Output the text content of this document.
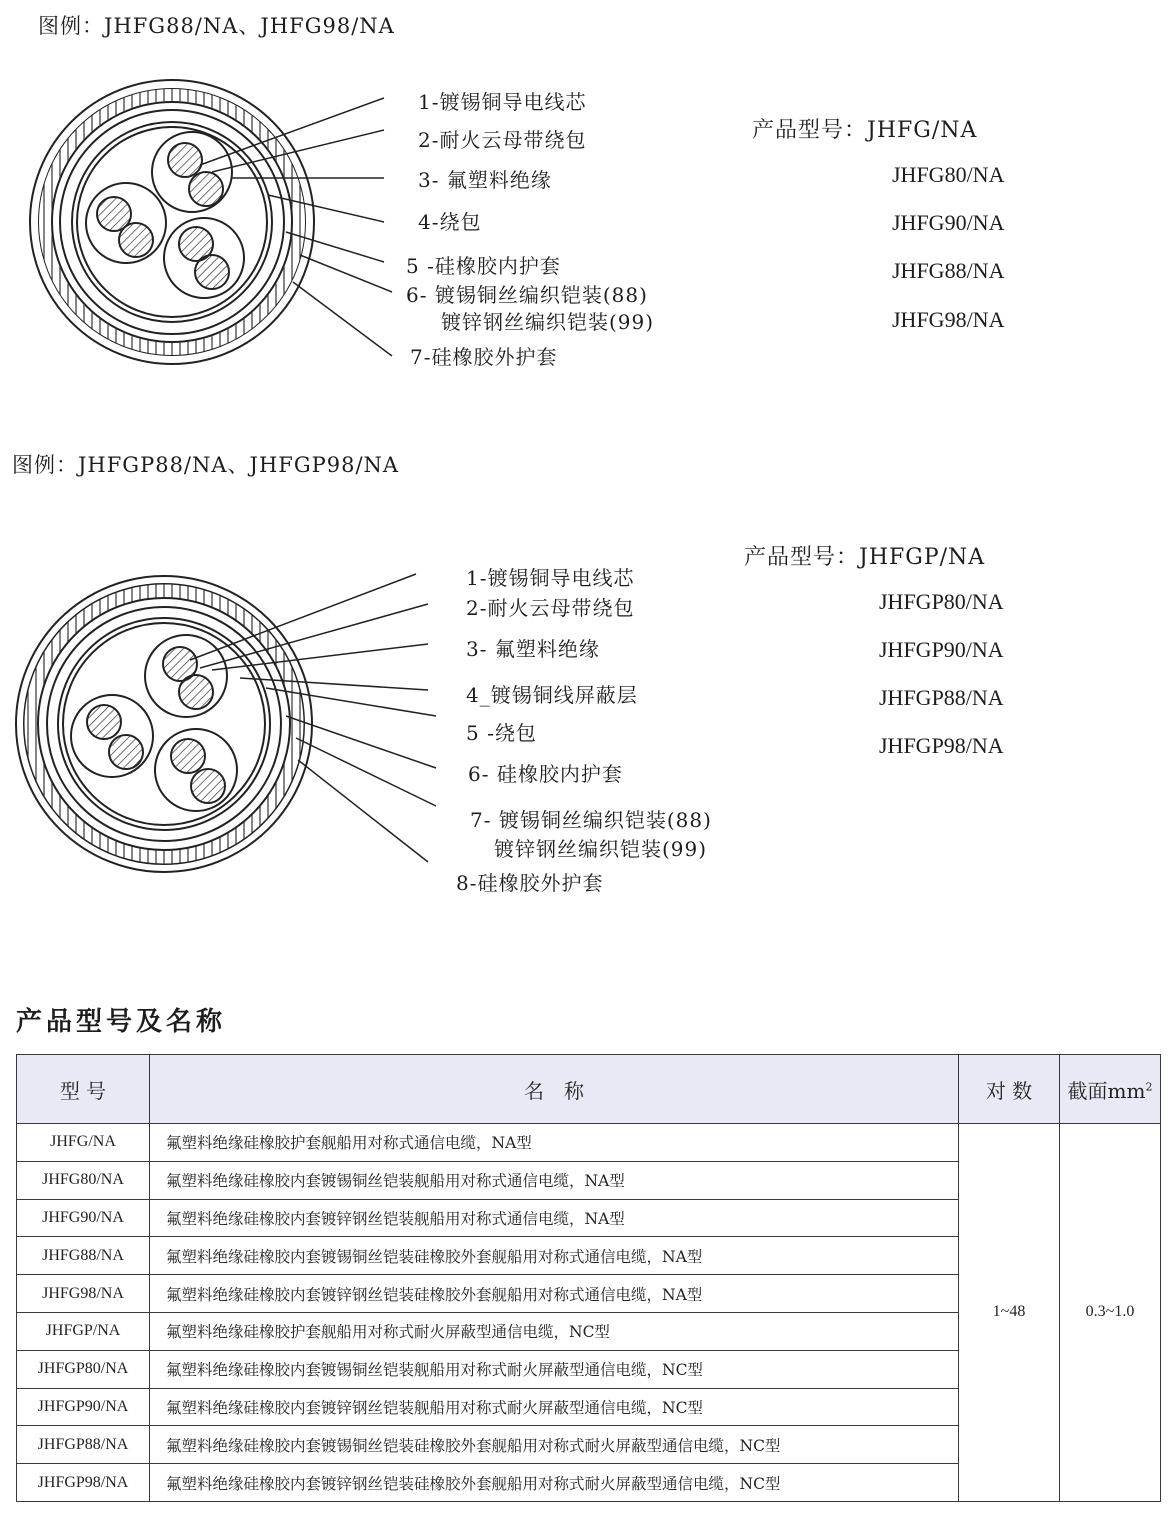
图例：JHFG88/NA、JHFG98/NA
1-镀锡铜导电线芯
2-耐火云母带绕包
3- 氟塑料绝缘
4-绕包
5 -硅橡胶内护套
6- 镀锡铜丝编织铠装(88)
镀锌钢丝编织铠装(99)
7-硅橡胶外护套
产品型号：JHFG/NA
JHFG80/NA
JHFG90/NA
JHFG88/NA
JHFG98/NA
图例：JHFGP88/NA、JHFGP98/NA
1-镀锡铜导电线芯
2-耐火云母带绕包
3- 氟塑料绝缘
4_镀锡铜线屏蔽层
5 -绕包
6- 硅橡胶内护套
7- 镀锡铜丝编织铠装(88)
镀锌钢丝编织铠装(99)
8-硅橡胶外护套
产品型号：JHFGP/NA
JHFGP80/NA
JHFGP90/NA
JHFGP88/NA
JHFGP98/NA
产品型号及名称
型 号	名　称	对 数	截面$mm^2$
JHFG/NA	氟塑料绝缘硅橡胶护套舰船用对称式通信电缆，NA型	1~48	0.3~1.0
JHFG80/NA	氟塑料绝缘硅橡胶内套镀锡铜丝铠装舰船用对称式通信电缆，NA型		
JHFG90/NA	氟塑料绝缘硅橡胶内套镀锌钢丝铠装舰船用对称式通信电缆，NA型		
JHFG88/NA	氟塑料绝缘硅橡胶内套镀锡铜丝铠装硅橡胶外套舰船用对称式通信电缆，NA型		
JHFG98/NA	氟塑料绝缘硅橡胶内套镀锌钢丝铠装硅橡胶外套舰船用对称式通信电缆，NA型		
JHFGP/NA	氟塑料绝缘硅橡胶护套舰船用对称式耐火屏蔽型通信电缆，NC型		
JHFGP80/NA	氟塑料绝缘硅橡胶内套镀锡铜丝铠装舰船用对称式耐火屏蔽型通信电缆，NC型		
JHFGP90/NA	氟塑料绝缘硅橡胶内套镀锌钢丝铠装舰船用对称式耐火屏蔽型通信电缆，NC型		
JHFGP88/NA	氟塑料绝缘硅橡胶内套镀锡铜丝铠装硅橡胶外套舰船用对称式耐火屏蔽型通信电缆，NC型		
JHFGP98/NA	氟塑料绝缘硅橡胶内套镀锌钢丝铠装硅橡胶外套舰船用对称式耐火屏蔽型通信电缆，NC型		
